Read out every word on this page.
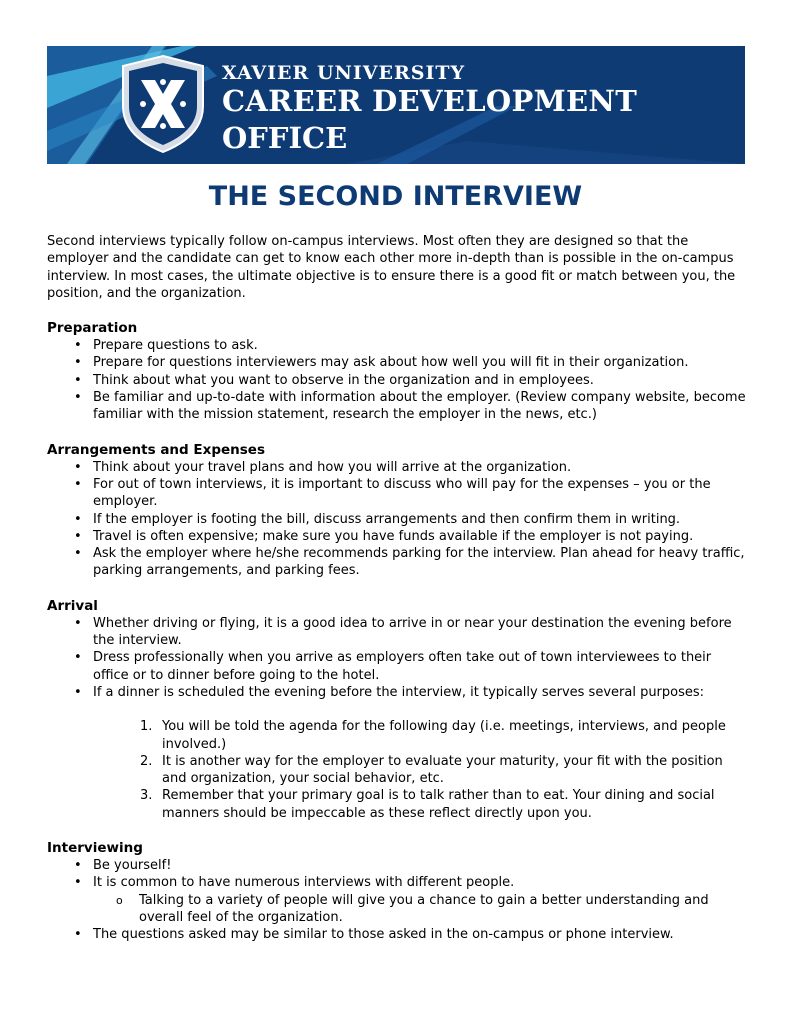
XAVIER UNIVERSITY

CAREER DEVELOPMENT

OFFICE

THE SECOND INTERVIEW

Second interviews typically follow on-campus interviews. Most often they are designed so that the employer and the candidate can get to know each other more in-depth than is possible in the on-campus interview. In most cases, the ultimate objective is to ensure there is a good fit or match between you, the position, and the organization.

Preparation
• Prepare questions to ask.
• Prepare for questions interviewers may ask about how well you will fit in their organization.
• Think about what you want to observe in the organization and in employees.
• Be familiar and up-to-date with information about the employer. (Review company website, become familiar with the mission statement, research the employer in the news, etc.)
Arrangements and Expenses
• Think about your travel plans and how you will arrive at the organization.
• For out of town interviews, it is important to discuss who will pay for the expenses – you or the employer.
• If the employer is footing the bill, discuss arrangements and then confirm them in writing.
• Travel is often expensive; make sure you have funds available if the employer is not paying.
• Ask the employer where he/she recommends parking for the interview. Plan ahead for heavy traffic, parking arrangements, and parking fees.
Arrival
• Whether driving or flying, it is a good idea to arrive in or near your destination the evening before the interview.
• Dress professionally when you arrive as employers often take out of town interviewees to their office or to dinner before going to the hotel.
• If a dinner is scheduled the evening before the interview, it typically serves several purposes:
1. You will be told the agenda for the following day (i.e. meetings, interviews, and people involved.)
2. It is another way for the employer to evaluate your maturity, your fit with the position and organization, your social behavior, etc.
3. Remember that your primary goal is to talk rather than to eat. Your dining and social manners should be impeccable as these reflect directly upon you.
Interviewing
• Be yourself!
• It is common to have numerous interviews with different people.
o Talking to a variety of people will give you a chance to gain a better understanding and overall feel of the organization.
• The questions asked may be similar to those asked in the on-campus or phone interview.
